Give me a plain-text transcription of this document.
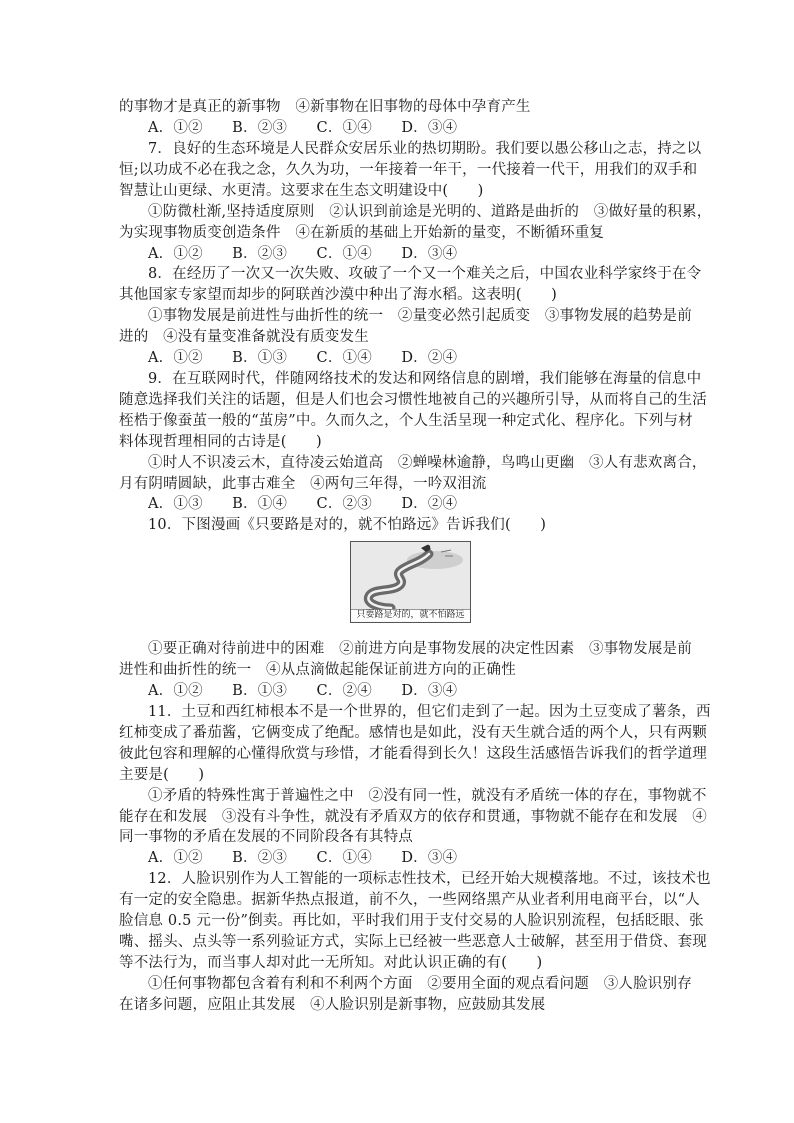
的事物才是真正的新事物　④新事物在旧事物的母体中孕育产生
A．①②　　B．②③　　C．①④　　D．③④
7．良好的生态环境是人民群众安居乐业的热切期盼。我们要以愚公移山之志，持之以
恒;以功成不必在我之念，久久为功，一年接着一年干，一代接着一代干，用我们的双手和
智慧让山更绿、水更清。这要求在生态文明建设中(　　)
①防微杜渐,坚持适度原则　②认识到前途是光明的、道路是曲折的　③做好量的积累，
为实现事物质变创造条件　④在新质的基础上开始新的量变，不断循环重复
A．①②　　B．②③　　C．①④　　D．③④
8．在经历了一次又一次失败、攻破了一个又一个难关之后，中国农业科学家终于在令
其他国家专家望而却步的阿联酋沙漠中种出了海水稻。这表明(　　)
①事物发展是前进性与曲折性的统一　②量变必然引起质变　③事物发展的趋势是前
进的　④没有量变准备就没有质变发生
A．①②　　B．①③　　C．①④　　D．②④
9．在互联网时代，伴随网络技术的发达和网络信息的剧增，我们能够在海量的信息中
随意选择我们关注的话题，但是人们也会习惯性地被自己的兴趣所引导，从而将自己的生活
桎梏于像蚕茧一般的“茧房”中。久而久之，个人生活呈现一种定式化、程序化。下列与材
料体现哲理相同的古诗是(　　)
①时人不识凌云木，直待凌云始道高　②蝉噪林逾静，鸟鸣山更幽　③人有悲欢离合，
月有阴晴圆缺，此事古难全　④两句三年得，一吟双泪流
A．①③　　B．①④　　C．②③　　D．②④
10．下图漫画《只要路是对的，就不怕路远》告诉我们(　　)
只要路是对的，就不怕路远
①要正确对待前进中的困难　②前进方向是事物发展的决定性因素　③事物发展是前
进性和曲折性的统一　④从点滴做起能保证前进方向的正确性
A．①②　　B．①③　　C．②④　　D．③④
11．土豆和西红柿根本不是一个世界的，但它们走到了一起。因为土豆变成了薯条，西
红柿变成了番茄酱，它俩变成了绝配。感情也是如此，没有天生就合适的两个人，只有两颗
彼此包容和理解的心懂得欣赏与珍惜，才能看得到长久！这段生活感悟告诉我们的哲学道理
主要是(　　)
①矛盾的特殊性寓于普遍性之中　②没有同一性，就没有矛盾统一体的存在，事物就不
能存在和发展　③没有斗争性，就没有矛盾双方的依存和贯通，事物就不能存在和发展　④
同一事物的矛盾在发展的不同阶段各有其特点
A．①②　　B．②③　　C．①④　　D．③④
12．人脸识别作为人工智能的一项标志性技术，已经开始大规模落地。不过，该技术也
有一定的安全隐患。据新华热点报道，前不久，一些网络黑产从业者利用电商平台，以“人
脸信息 0.5 元一份”倒卖。再比如，平时我们用于支付交易的人脸识别流程，包括眨眼、张
嘴、摇头、点头等一系列验证方式，实际上已经被一些恶意人士破解，甚至用于借贷、套现
等不法行为，而当事人却对此一无所知。对此认识正确的有(　　)
①任何事物都包含着有利和不利两个方面　②要用全面的观点看问题　③人脸识别存
在诸多问题，应阻止其发展　④人脸识别是新事物，应鼓励其发展
